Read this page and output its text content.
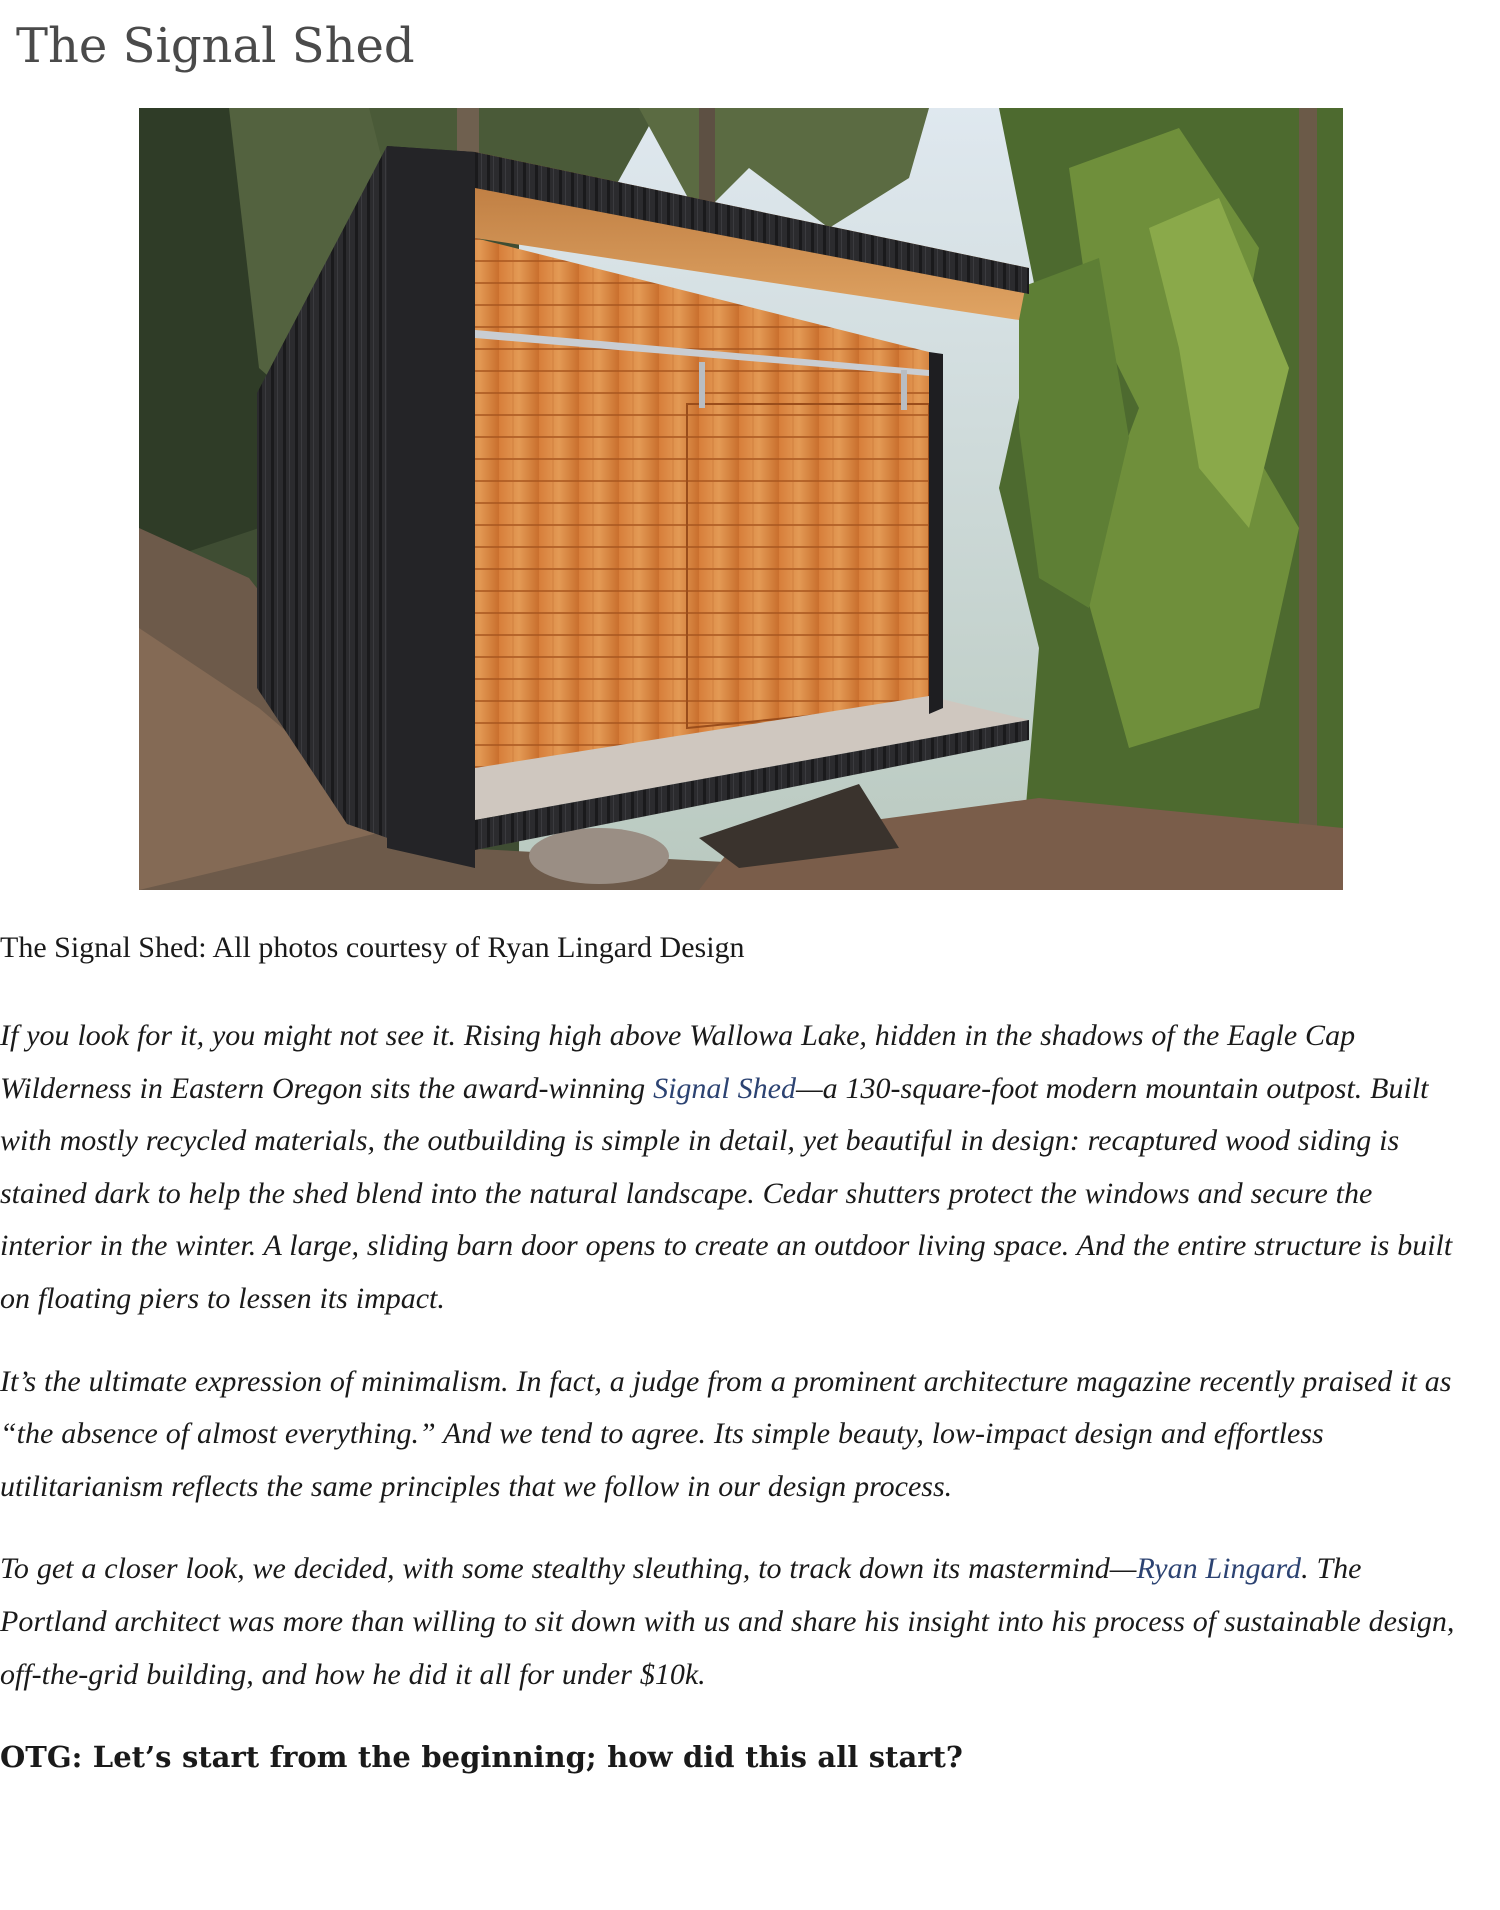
The Signal Shed

The Signal Shed: All photos courtesy of Ryan Lingard Design

If you look for it, you might not see it. Rising high above Wallowa Lake, hidden in the shadows of the Eagle Cap Wilderness in Eastern Oregon sits the award-winning Signal Shed—a 130-square-foot modern mountain outpost. Built with mostly recycled materials, the outbuilding is simple in detail, yet beautiful in design: recaptured wood siding is stained dark to help the shed blend into the natural landscape. Cedar shutters protect the windows and secure the interior in the winter. A large, sliding barn door opens to create an outdoor living space. And the entire structure is built on floating piers to lessen its impact.

It’s the ultimate expression of minimalism. In fact, a judge from a prominent architecture magazine recently praised it as “the absence of almost everything.” And we tend to agree. Its simple beauty, low-impact design and effortless utilitarianism reflects the same principles that we follow in our design process.

To get a closer look, we decided, with some stealthy sleuthing, to track down its mastermind—Ryan Lingard. The Portland architect was more than willing to sit down with us and share his insight into his process of sustainable design, off-the-grid building, and how he did it all for under $10k.

OTG: Let’s start from the beginning; how did this all start?
